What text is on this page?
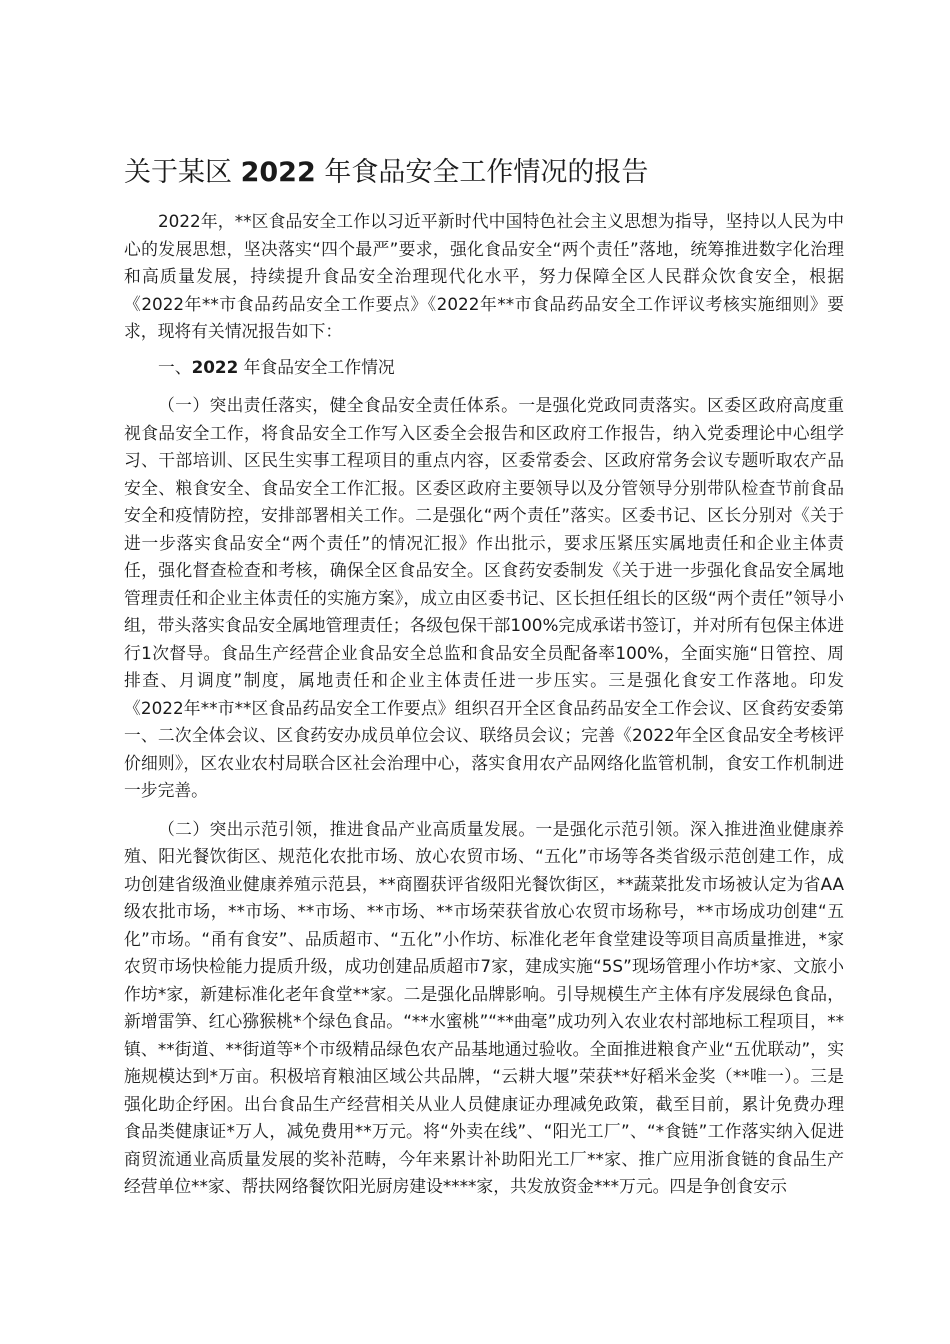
关于某区 2022 年食品安全工作情况的报告

2022年，**区食品安全工作以习近平新时代中国特色社会主义思想为指导，坚持以人民为中心的发展思想，坚决落实“四个最严”要求，强化食品安全“两个责任”落地，统筹推进数字化治理和高质量发展，持续提升食品安全治理现代化水平，努力保障全区人民群众饮食安全，根据《2022年**市食品药品安全工作要点》《2022年**市食品药品安全工作评议考核实施细则》要求，现将有关情况报告如下：

一、2022 年食品安全工作情况

（一）突出责任落实，健全食品安全责任体系。一是强化党政同责落实。区委区政府高度重视食品安全工作，将食品安全工作写入区委全会报告和区政府工作报告，纳入党委理论中心组学习、干部培训、区民生实事工程项目的重点内容，区委常委会、区政府常务会议专题听取农产品安全、粮食安全、食品安全工作汇报。区委区政府主要领导以及分管领导分别带队检查节前食品安全和疫情防控，安排部署相关工作。二是强化“两个责任”落实。区委书记、区长分别对《关于进一步落实食品安全“两个责任”的情况汇报》作出批示，要求压紧压实属地责任和企业主体责任，强化督查检查和考核，确保全区食品安全。区食药安委制发《关于进一步强化食品安全属地管理责任和企业主体责任的实施方案》，成立由区委书记、区长担任组长的区级“两个责任”领导小组，带头落实食品安全属地管理责任；各级包保干部100%完成承诺书签订，并对所有包保主体进行1次督导。食品生产经营企业食品安全总监和食品安全员配备率100%，全面实施“日管控、周排查、月调度”制度，属地责任和企业主体责任进一步压实。三是强化食安工作落地。印发《2022年**市**区食品药品安全工作要点》组织召开全区食品药品安全工作会议、区食药安委第一、二次全体会议、区食药安办成员单位会议、联络员会议；完善《2022年全区食品安全考核评价细则》，区农业农村局联合区社会治理中心，落实食用农产品网络化监管机制，食安工作机制进一步完善。

（二）突出示范引领，推进食品产业高质量发展。一是强化示范引领。深入推进渔业健康养殖、阳光餐饮街区、规范化农批市场、放心农贸市场、“五化”市场等各类省级示范创建工作，成功创建省级渔业健康养殖示范县，**商圈获评省级阳光餐饮街区，**蔬菜批发市场被认定为省AA级农批市场，**市场、**市场、**市场、**市场荣获省放心农贸市场称号，**市场成功创建“五化”市场。“甬有食安”、品质超市、“五化”小作坊、标准化老年食堂建设等项目高质量推进，*家农贸市场快检能力提质升级，成功创建品质超市7家，建成实施“5S”现场管理小作坊*家、文旅小作坊*家，新建标准化老年食堂**家。二是强化品牌影响。引导规模生产主体有序发展绿色食品，新增雷笋、红心猕猴桃*个绿色食品。“**水蜜桃”“**曲毫”成功列入农业农村部地标工程项目，**镇、**街道、**街道等*个市级精品绿色农产品基地通过验收。全面推进粮食产业“五优联动”，实施规模达到*万亩。积极培育粮油区域公共品牌，“云耕大堰”荣获**好稻米金奖（**唯一）。三是强化助企纾困。出台食品生产经营相关从业人员健康证办理减免政策，截至目前，累计免费办理食品类健康证*万人，减免费用**万元。将“外卖在线”、“阳光工厂”、“*食链”工作落实纳入促进商贸流通业高质量发展的奖补范畴，今年来累计补助阳光工厂**家、推广应用浙食链的食品生产经营单位**家、帮扶网络餐饮阳光厨房建设****家，共发放资金***万元。四是争创食安示
